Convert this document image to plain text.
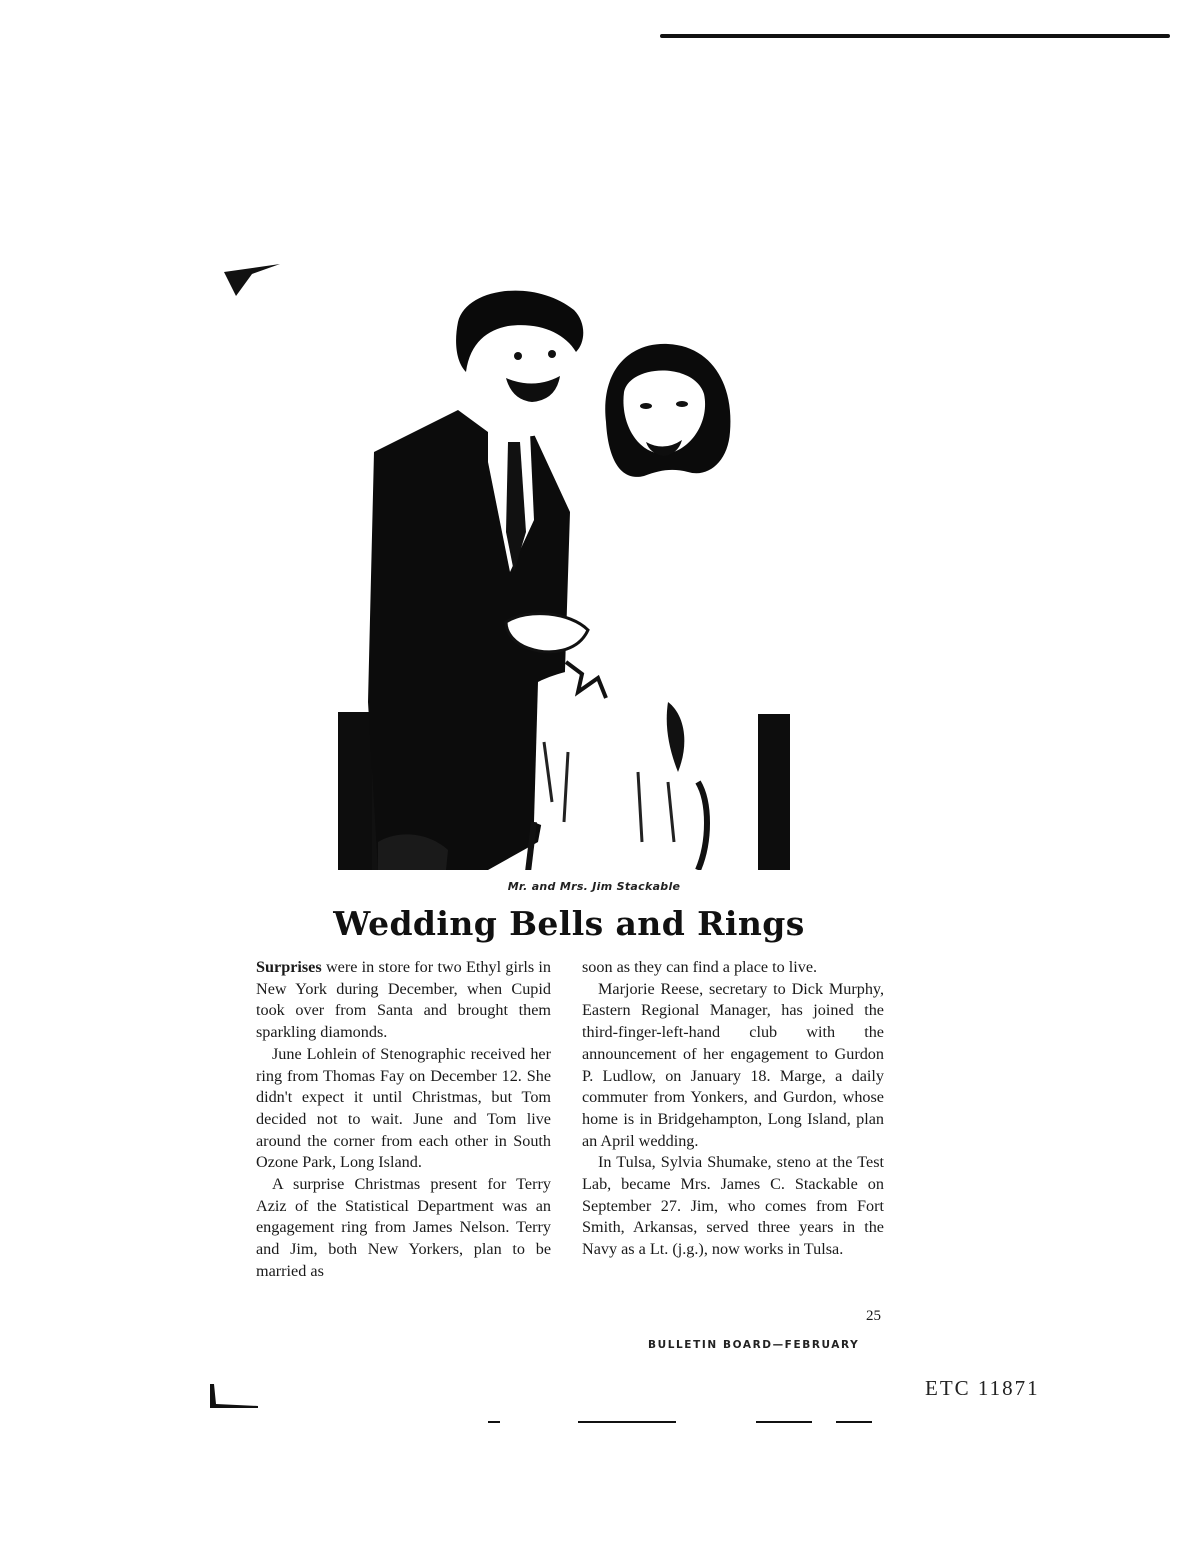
Mr. and Mrs. Jim Stackable
Wedding Bells and Rings

Surprises were in store for two Ethyl girls in New York during December, when Cupid took over from Santa and brought them sparkling diamonds.

June Lohlein of Stenographic received her ring from Thomas Fay on December 12. She didn't expect it until Christmas, but Tom decided not to wait. June and Tom live around the corner from each other in South Ozone Park, Long Island.

A surprise Christmas present for Terry Aziz of the Statistical Department was an engagement ring from James Nelson. Terry and Jim, both New Yorkers, plan to be married as

soon as they can find a place to live.

Marjorie Reese, secretary to Dick Murphy, Eastern Regional Manager, has joined the third-finger-left-hand club with the announcement of her engagement to Gurdon P. Ludlow, on January 18. Marge, a daily commuter from Yonkers, and Gurdon, whose home is in Bridgehampton, Long Island, plan an April wedding.

In Tulsa, Sylvia Shumake, steno at the Test Lab, became Mrs. James C. Stackable on September 27. Jim, who comes from Fort Smith, Arkansas, served three years in the Navy as a Lt. (j.g.), now works in Tulsa.

25
BULLETIN BOARD—FEBRUARY
ETC 11871
